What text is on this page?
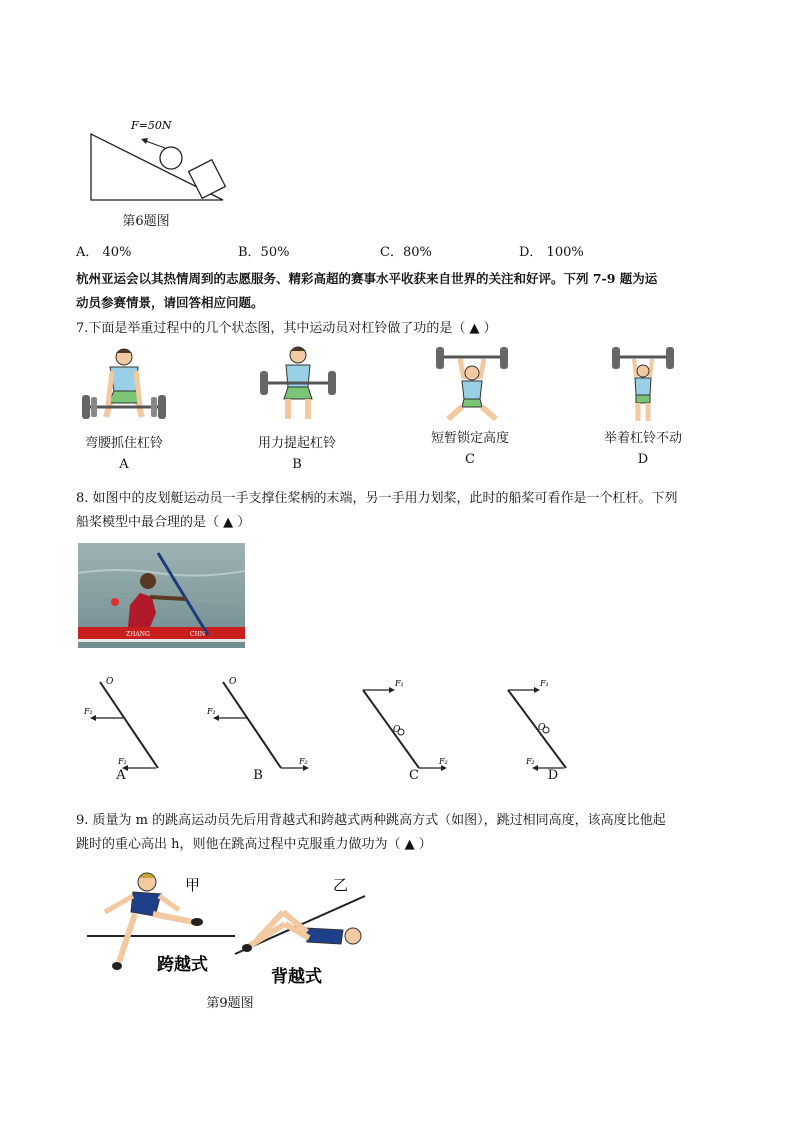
F=50N
第6题图
A． 40%	B．50%	C．80%	D． 100%
杭州亚运会以其热情周到的志愿服务、精彩高超的赛事水平收获来自世界的关注和好评。下列 7-9 题为运
动员参赛情景，请回答相应问题。
7.下面是举重过程中的几个状态图，其中运动员对杠铃做了功的是（ ▲ ）
弯腰抓住杠铃
A
用力提起杠铃
B
短暂锁定高度
C
举着杠铃不动
D
8. 如图中的皮划艇运动员一手支撑住桨柄的末端，另一手用力划桨，此时的船桨可看作是一个杠杆。下列
船桨模型中最合理的是（ ▲ ）
ZHANG	CHN
O
F₁
F₂
A
O
F₁
F₂
B
F₁
O
F₂
C
F₁
O
F₂
D
9. 质量为 m 的跳高运动员先后用背越式和跨越式两种跳高方式（如图），跳过相同高度，该高度比他起
跳时的重心高出 h，则他在跳高过程中克服重力做功为（ ▲ ）
甲	乙
跨越式
背越式
第9题图
